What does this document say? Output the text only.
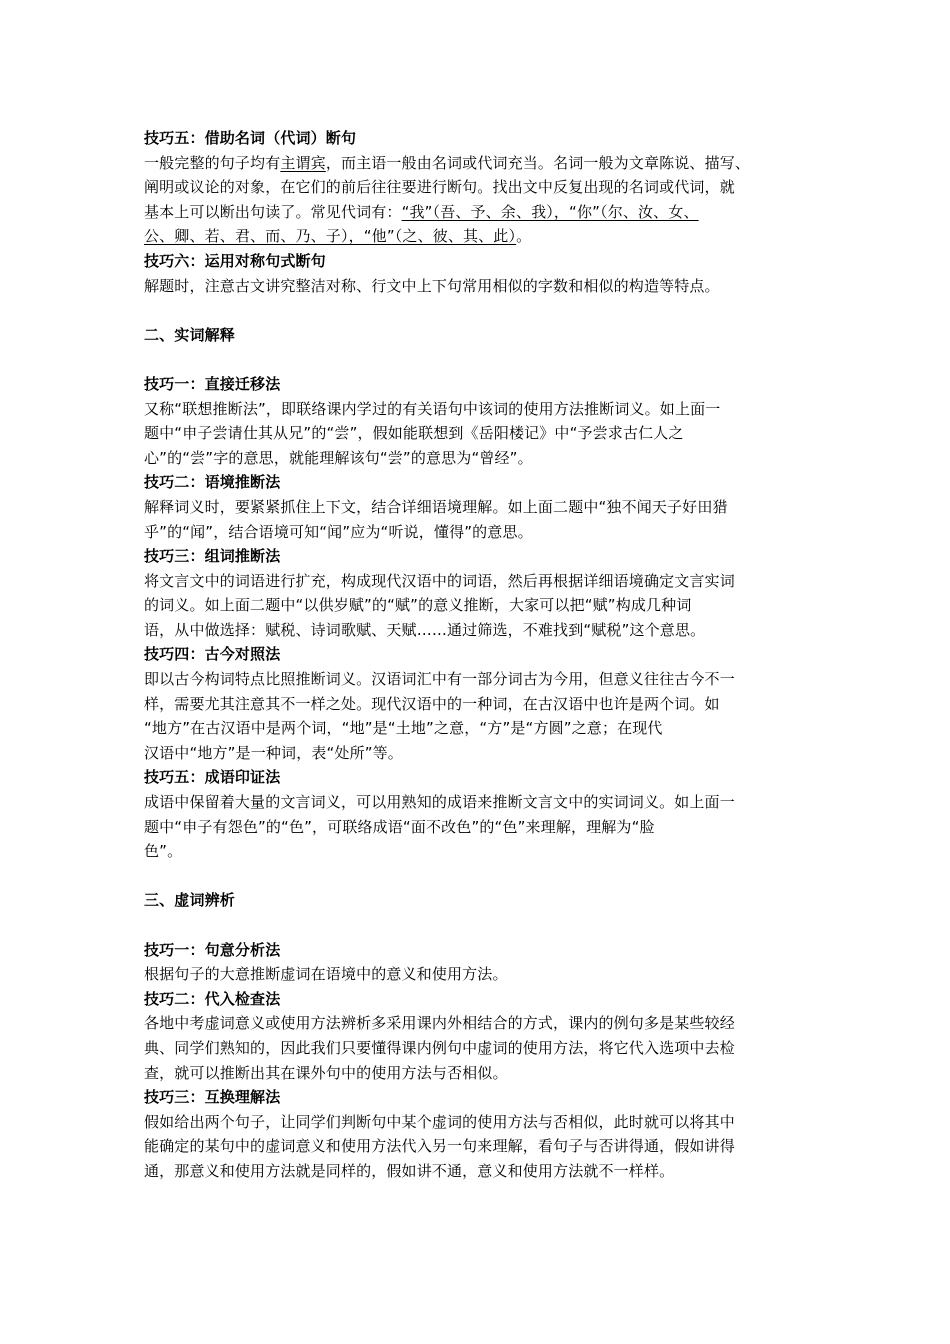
技巧五：借助名词（代词）断句
一般完整的句子均有主谓宾，而主语一般由名词或代词充当。名词一般为文章陈说、描写、
阐明或议论的对象，在它们的前后往往要进行断句。找出文中反复出现的名词或代词，就
基本上可以断出句读了。常见代词有：“我”（吾、予、余、我），“你”（尔、汝、女、
公、卿、若、君、而、乃、子），“他”（之、彼、其、此）。
技巧六：运用对称句式断句
解题时，注意古文讲究整洁对称、行文中上下句常用相似的字数和相似的构造等特点。
二、实词解释
技巧一：直接迁移法
又称“联想推断法”，即联络课内学过的有关语句中该词的使用方法推断词义。如上面一
题中“申子尝请仕其从兄”的“尝”，假如能联想到《岳阳楼记》中“予尝求古仁人之
心”的“尝”字的意思，就能理解该句“尝”的意思为“曾经”。
技巧二：语境推断法
解释词义时，要紧紧抓住上下文，结合详细语境理解。如上面二题中“独不闻天子好田猎
乎”的“闻”，结合语境可知“闻”应为“听说，懂得”的意思。
技巧三：组词推断法
将文言文中的词语进行扩充，构成现代汉语中的词语，然后再根据详细语境确定文言实词
的词义。如上面二题中“以供岁赋”的“赋”的意义推断，大家可以把“赋”构成几种词
语，从中做选择：赋税、诗词歌赋、天赋……通过筛选，不难找到“赋税”这个意思。
技巧四：古今对照法
即以古今构词特点比照推断词义。汉语词汇中有一部分词古为今用，但意义往往古今不一
样，需要尤其注意其不一样之处。现代汉语中的一种词，在古汉语中也许是两个词。如
“地方”在古汉语中是两个词，“地”是“土地”之意，“方”是“方圆”之意；在现代
汉语中“地方”是一种词，表“处所”等。
技巧五：成语印证法
成语中保留着大量的文言词义，可以用熟知的成语来推断文言文中的实词词义。如上面一
题中“申子有怨色”的“色”，可联络成语“面不改色”的“色”来理解，理解为“脸
色”。
三、虚词辨析
技巧一：句意分析法
根据句子的大意推断虚词在语境中的意义和使用方法。
技巧二：代入检查法
各地中考虚词意义或使用方法辨析多采用课内外相结合的方式，课内的例句多是某些较经
典、同学们熟知的，因此我们只要懂得课内例句中虚词的使用方法，将它代入选项中去检
查，就可以推断出其在课外句中的使用方法与否相似。
技巧三：互换理解法
假如给出两个句子，让同学们判断句中某个虚词的使用方法与否相似，此时就可以将其中
能确定的某句中的虚词意义和使用方法代入另一句来理解，看句子与否讲得通，假如讲得
通，那意义和使用方法就是同样的，假如讲不通，意义和使用方法就不一样样。
